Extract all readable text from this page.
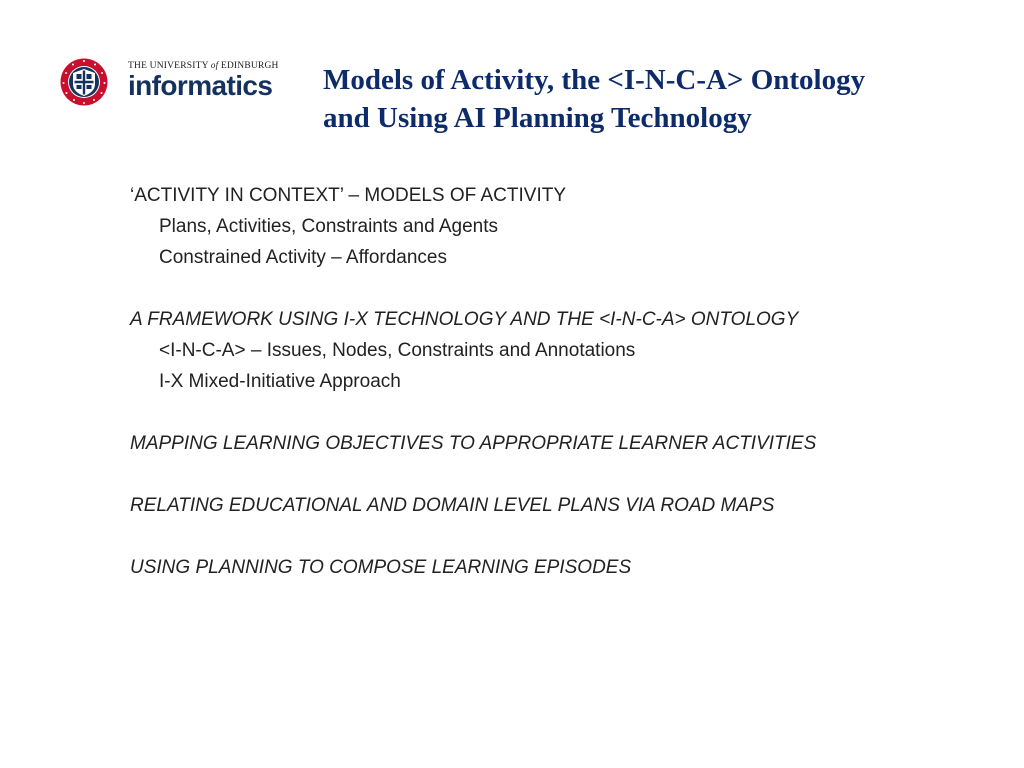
THE UNIVERSITY of EDINBURGH
informatics Models of Activity, the <I-N-C-A> Ontology
and Using AI Planning Technology
‘ACTIVITY IN CONTEXT’ – MODELS OF ACTIVITY
Plans, Activities, Constraints and Agents
Constrained Activity – Affordances
A FRAMEWORK USING I-X TECHNOLOGY AND THE <I-N-C-A> ONTOLOGY
<I-N-C-A> – Issues, Nodes, Constraints and Annotations
I-X Mixed-Initiative Approach
MAPPING LEARNING OBJECTIVES TO APPROPRIATE LEARNER ACTIVITIES
RELATING EDUCATIONAL AND DOMAIN LEVEL PLANS VIA ROAD MAPS
USING PLANNING TO COMPOSE LEARNING EPISODES
